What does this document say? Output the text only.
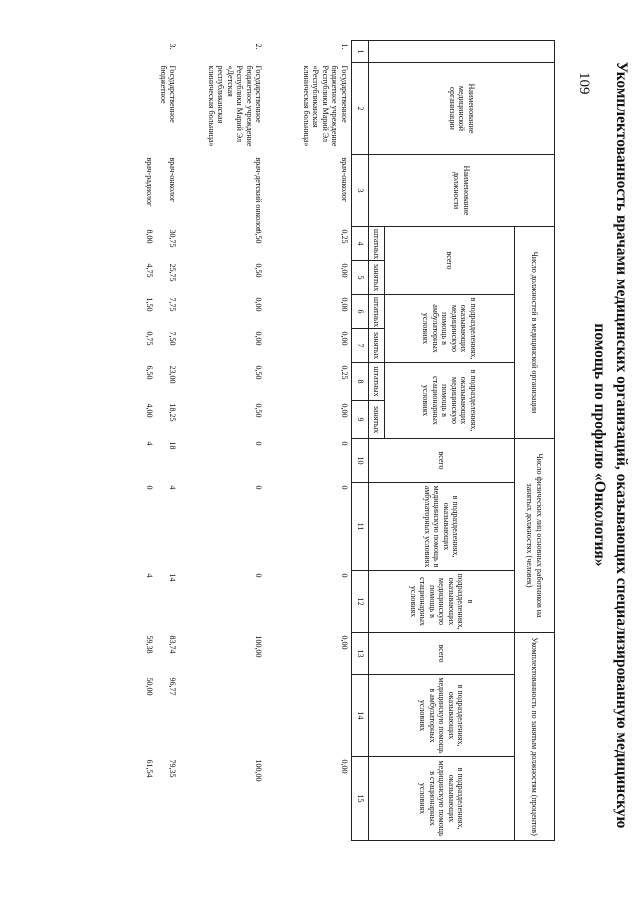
109 Укомплектованность врачами медицинских организаций, оказывающих специализированную медицинскую
помощь по профилю «Онкология»
	Наименование медицинской организации	Наименование должности	Число должностей в медицинской организации						Число физических лиц основных работников на занятых должностях (человек)			Укомплектованность по занятым должностям (процентов)		
			всего		в подразделениях, оказывающих медицинскую помощь в амбулаторных условиях		в подразделениях, оказывающих медицинскую помощь в стационарных условиях		всего	в подразделениях, оказывающих медицинскую помощь в амбулаторных условиях	в подразделениях, оказывающих медицинскую помощь в стационарных условиях	всего	в подразделениях, оказывающих медицинскую помощь в амбулаторных условиях	в подразделениях, оказывающих медицинскую помощь в стационарных условиях
			штатных	занятых	штатных	занятых	штатных	занятых						
1	2	3	4	5	6	7	8	9	10	11	12	13	14	15
1.	Государственное бюджетное учреждение Республики Марий Эл «Республиканская клиническая больница»	врач-онколог	0,25	0,00	0,00	0,00	0,25	0,00	0	0	0	0,00		0,00
2.	Государственное бюджетное учреждение Республики Марий Эл «Детская республиканская клиническая больница»	врач-детский онколог	0,50	0,50	0,00	0,00	0,50	0,50	0	0	0	100,00		100,00
3.	Государственное бюджетное	врач-онколог	30,75	25,75	7,75	7,50	23,00	18,25	18	4	14	83,74	96,77	79,35
		врач-радиолог	8,00	4,75	1,50	0,75	6,50	4,00	4	0	4	59,38	50,00	61,54
